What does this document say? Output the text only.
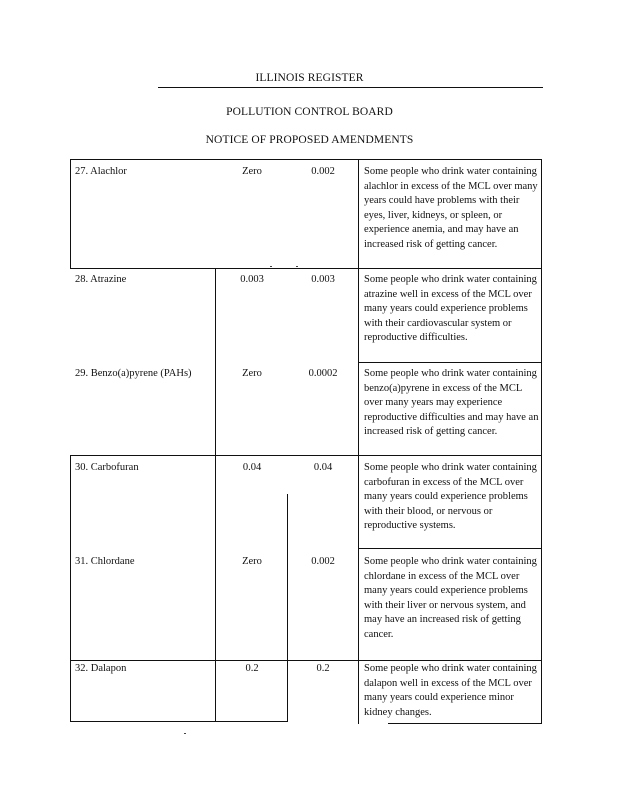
ILLINOIS REGISTER
POLLUTION CONTROL BOARD
NOTICE OF PROPOSED AMENDMENTS
27. Alachlor	Zero	0.002	Some people who drink water containing alachlor in excess of the MCL over many years could have problems with their eyes, liver, kidneys, or spleen, or experience anemia, and may have an increased risk of getting cancer.
28. Atrazine	0.003	0.003	Some people who drink water containing atrazine well in excess of the MCL over many years could experience problems with their cardiovascular system or reproductive difficulties.
29. Benzo(a)pyrene (PAHs)	Zero	0.0002	Some people who drink water containing benzo(a)pyrene in excess of the MCL over many years may experience reproductive difficulties and may have an increased risk of getting cancer.
30. Carbofuran	0.04	0.04	Some people who drink water containing carbofuran in excess of the MCL over many years could experience problems with their blood, or nervous or reproductive systems.
31. Chlordane	Zero	0.002	Some people who drink water containing chlordane in excess of the MCL over many years could experience problems with their liver or nervous system, and may have an increased risk of getting cancer.
32. Dalapon	0.2	0.2	Some people who drink water containing dalapon well in excess of the MCL over many years could experience minor kidney changes.
